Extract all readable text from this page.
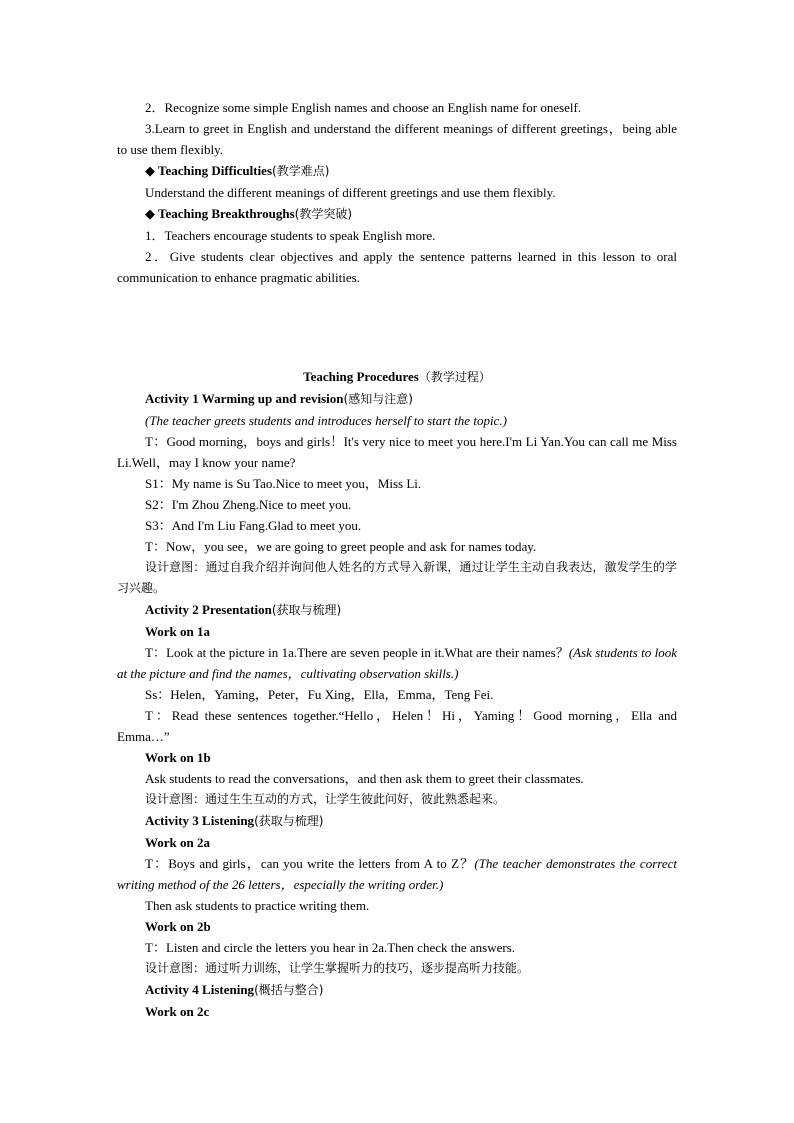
2．Recognize some simple English names and choose an English name for oneself.

3.Learn to greet in English and understand the different meanings of different greetings，being able to use them flexibly.

◆ Teaching Difficulties(教学难点)

Understand the different meanings of different greetings and use them flexibly.

◆ Teaching Breakthroughs(教学突破)

1．Teachers encourage students to speak English more.

2．Give students clear objectives and apply the sentence patterns learned in this lesson to oral communication to enhance pragmatic abilities.

Teaching Procedures（教学过程）

Activity 1 Warming up and revision(感知与注意)

(The teacher greets students and introduces herself to start the topic.)

T：Good morning，boys and girls！It's very nice to meet you here.I'm Li Yan.You can call me Miss Li.Well，may I know your name?

S1：My name is Su Tao.Nice to meet you，Miss Li.

S2：I'm Zhou Zheng.Nice to meet you.

S3：And I'm Liu Fang.Glad to meet you.

T：Now，you see，we are going to greet people and ask for names today.

设计意图：通过自我介绍并询问他人姓名的方式导入新课，通过让学生主动自我表达，激发学生的学习兴趣。

Activity 2 Presentation(获取与梳理)

Work on 1a

T：Look at the picture in 1a.There are seven people in it.What are their names？(Ask students to look at the picture and find the names，cultivating observation skills.)

Ss：Helen，Yaming，Peter，Fu Xing，Ella，Emma，Teng Fei.

T：Read these sentences together.“Hello，Helen！Hi，Yaming！Good morning，Ella and Emma…”

Work on 1b

Ask students to read the conversations，and then ask them to greet their classmates.

设计意图：通过生生互动的方式，让学生彼此问好，彼此熟悉起来。

Activity 3 Listening(获取与梳理)

Work on 2a

T：Boys and girls，can you write the letters from A to Z？(The teacher demonstrates the correct writing method of the 26 letters，especially the writing order.)

Then ask students to practice writing them.

Work on 2b

T：Listen and circle the letters you hear in 2a.Then check the answers.

设计意图：通过听力训练，让学生掌握听力的技巧，逐步提高听力技能。

Activity 4 Listening(概括与整合)

Work on 2c
